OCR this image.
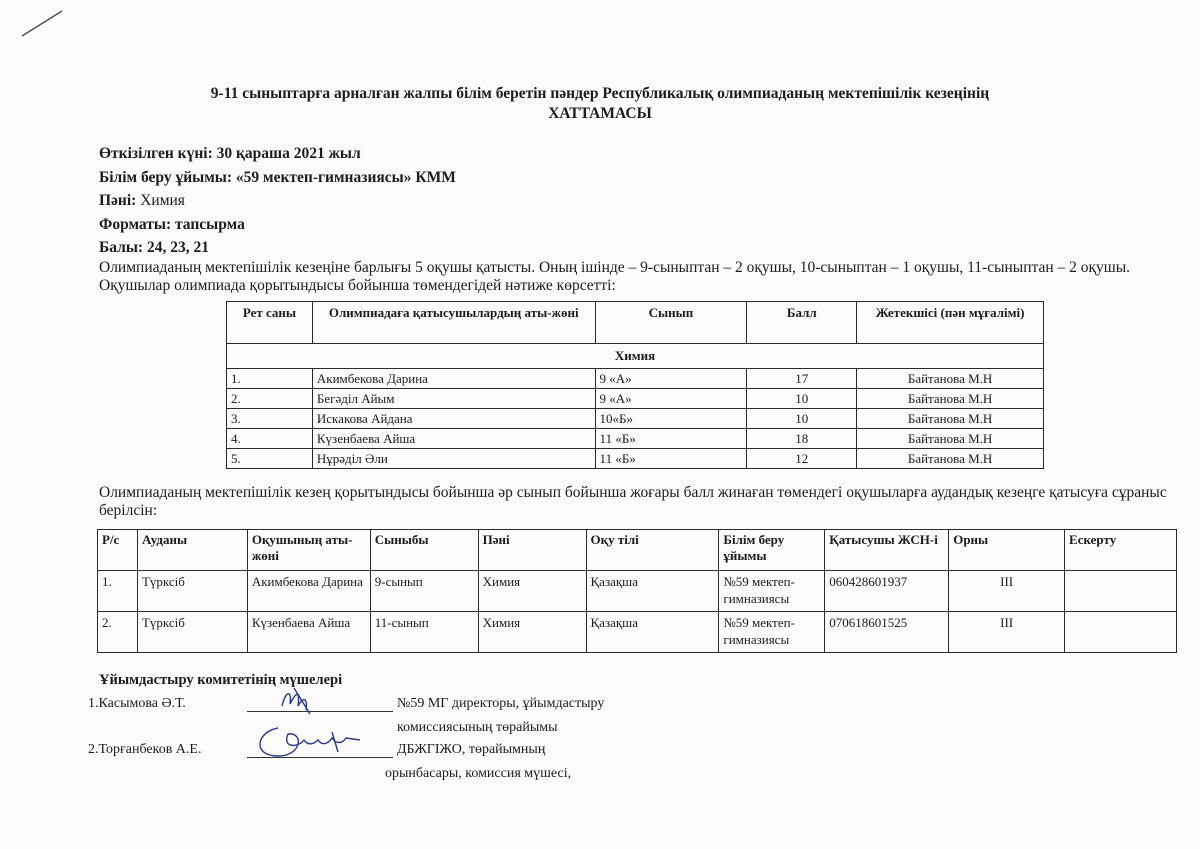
9-11 сыныптарға арналған жалпы білім беретін пәндер Республикалық олимпиаданың мектепішілік кезеңінің
ХАТТАМАСЫ
Өткізілген күні: 30 қараша 2021 жыл
Білім беру ұйымы: «59 мектеп-гимназиясы» КММ
Пәні: Химия
Форматы: тапсырма
Балы: 24, 23, 21
Олимпиаданың мектепішілік кезеңіне барлығы 5 оқушы қатысты. Оның ішінде – 9-сыныптан – 2 оқушы, 10-сыныптан – 1 оқушы, 11-сыныптан – 2 оқушы. Оқушылар олимпиада қорытындысы бойынша төмендегідей нәтиже көрсетті:
Рет саны	Олимпиадаға қатысушылардың аты-жөні	Сынып	Балл	Жетекшісі (пән мұғалімі)
Химия				
1.	Акимбекова Дарина	9 «А»	17	Байтанова М.Н
2.	Бегәділ Айым	9 «А»	10	Байтанова М.Н
3.	Искакова Айдана	10«Б»	10	Байтанова М.Н
4.	Күзенбаева Айша	11 «Б»	18	Байтанова М.Н
5.	Нұрәділ Әли	11 «Б»	12	Байтанова М.Н
Олимпиаданың мектепішілік кезең қорытындысы бойынша әр сынып бойынша жоғары балл жинаған төмендегі оқушыларға аудандық кезеңге қатысуға сұраныс берілсін:
Р/с	Ауданы	Оқушының аты-жөні	Сыныбы	Пәні	Оқу тілі	Білім беру ұйымы	Қатысушы ЖСН-і	Орны	Ескерту
1.	Түрксіб	Акимбекова Дарина	9-сынып	Химия	Қазақша	№59 мектеп-гимназиясы	060428601937	III	
2.	Түрксіб	Күзенбаева Айша	11-сынып	Химия	Қазақша	№59 мектеп-гимназиясы	070618601525	III	
Ұйымдастыру комитетінің мүшелері
1.Касымова Ә.Т.	№59 МГ директоры, ұйымдастыру
комиссиясының төрайымы
2.Торғанбеков А.Е.	ДБЖГІЖО, төрайымның
орынбасары, комиссия мүшесі,
